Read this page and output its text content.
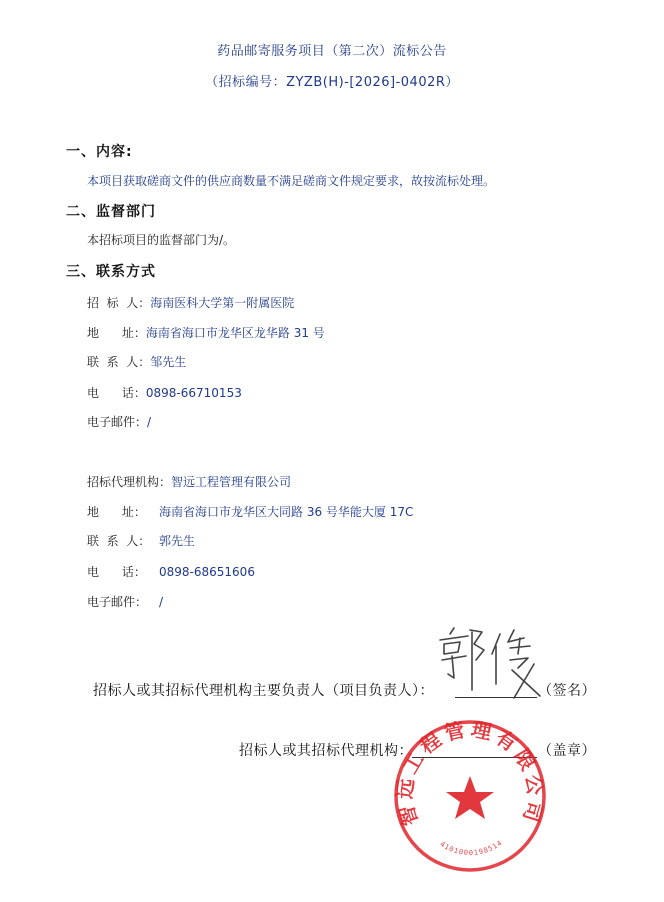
药品邮寄服务项目（第二次）流标公告
（招标编号：ZYZB(H)-[2026]-0402R）
一、内容:
本项目获取磋商文件的供应商数量不满足磋商文件规定要求，故按流标处理。
二、监督部门
本招标项目的监督部门为/。
三、联系方式
招  标  人：海南医科大学第一附属医院
地      址：海南省海口市龙华区龙华路 31 号
联  系  人：邹先生
电      话：0898-66710153
电子邮件：/
招标代理机构：智远工程管理有限公司
地      址： 海南省海口市龙华区大同路 36 号华能大厦 17C
联  系  人： 郭先生
电      话： 0898-68651606
电子邮件： /
招标人或其招标代理机构主要负责人（项目负责人）：	（签名）
招标人或其招标代理机构：	（盖章）
智远工程管理有限公司
4101000198514
